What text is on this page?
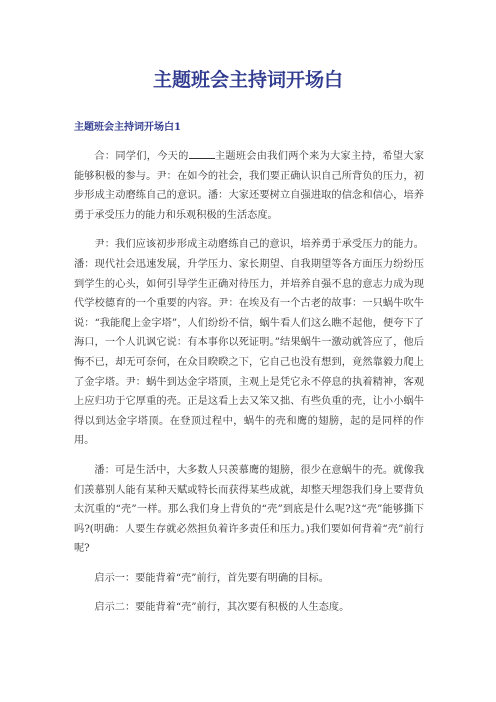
主题班会主持词开场白
主题班会主持词开场白1

合：同学们，今天的	主题班会由我们两个来为大家主持，希望大家能够积极的参与。尹：在如今的社会，我们要正确认识自己所背负的压力，初步形成主动磨练自己的意识。潘：大家还要树立自强进取的信念和信心，培养勇于承受压力的能力和乐观积极的生活态度。

尹：我们应该初步形成主动磨练自己的意识，培养勇于承受压力的能力。潘：现代社会迅速发展，升学压力、家长期望、自我期望等各方面压力纷纷压到学生的心头，如何引导学生正确对待压力，并培养自强不息的意志力成为现代学校德育的一个重要的内容。尹：在埃及有一个古老的故事：一只蜗牛吹牛说：“我能爬上金字塔”，人们纷纷不信，蜗牛看人们这么瞧不起他，便夸下了海口，一个人讥讽它说：有本事你以死证明。”结果蜗牛一激动就答应了，他后悔不已，却无可奈何，在众目睽睽之下，它自己也没有想到，竟然靠毅力爬上了金字塔。尹：蜗牛到达金字塔顶，主观上是凭它永不停息的执着精神，客观上应归功于它厚重的壳。正是这看上去又笨又拙、有些负重的壳，让小小蜗牛得以到达金字塔顶。在登顶过程中，蜗牛的壳和鹰的翅膀，起的是同样的作用。

潘：可是生活中，大多数人只羡慕鹰的翅膀，很少在意蜗牛的壳。就像我们羡慕别人能有某种天赋或特长而获得某些成就，却整天埋怨我们身上要背负太沉重的“壳”一样。那么我们身上背负的“壳”到底是什么呢?这“壳”能够撕下吗?(明确：人要生存就必然担负着许多责任和压力。)我们要如何背着“壳”前行呢?

启示一：要能背着“壳”前行，首先要有明确的目标。

启示二：要能背着“壳”前行，其次要有积极的人生态度。
